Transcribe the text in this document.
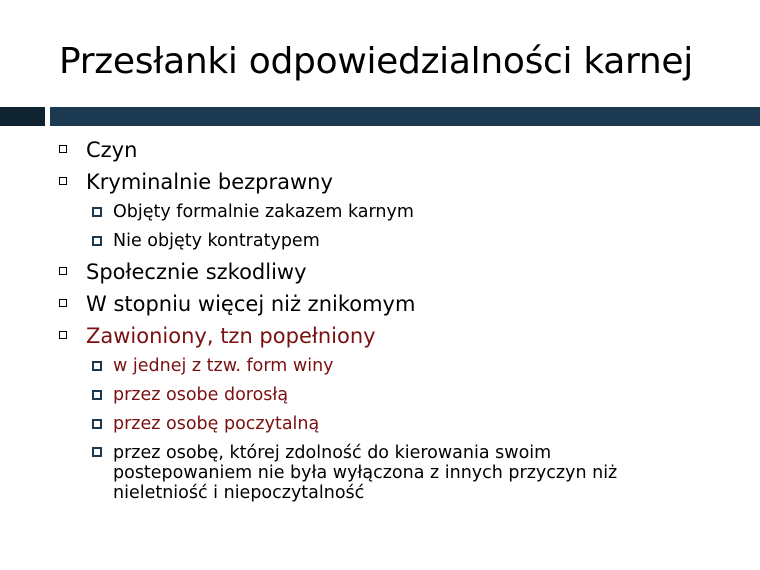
Przesłanki odpowiedzialności karnej
Czyn
Kryminalnie bezprawny
Objęty formalnie zakazem karnym
Nie objęty kontratypem
Społecznie szkodliwy
W stopniu więcej niż znikomym
Zawioniony, tzn popełniony
w jednej z tzw. form winy
przez osobe dorosłą
przez osobę poczytalną
przez osobę, której zdolność do kierowania swoim postepowaniem nie była wyłączona z innych przyczyn niż nieletniość i niepoczytalność
